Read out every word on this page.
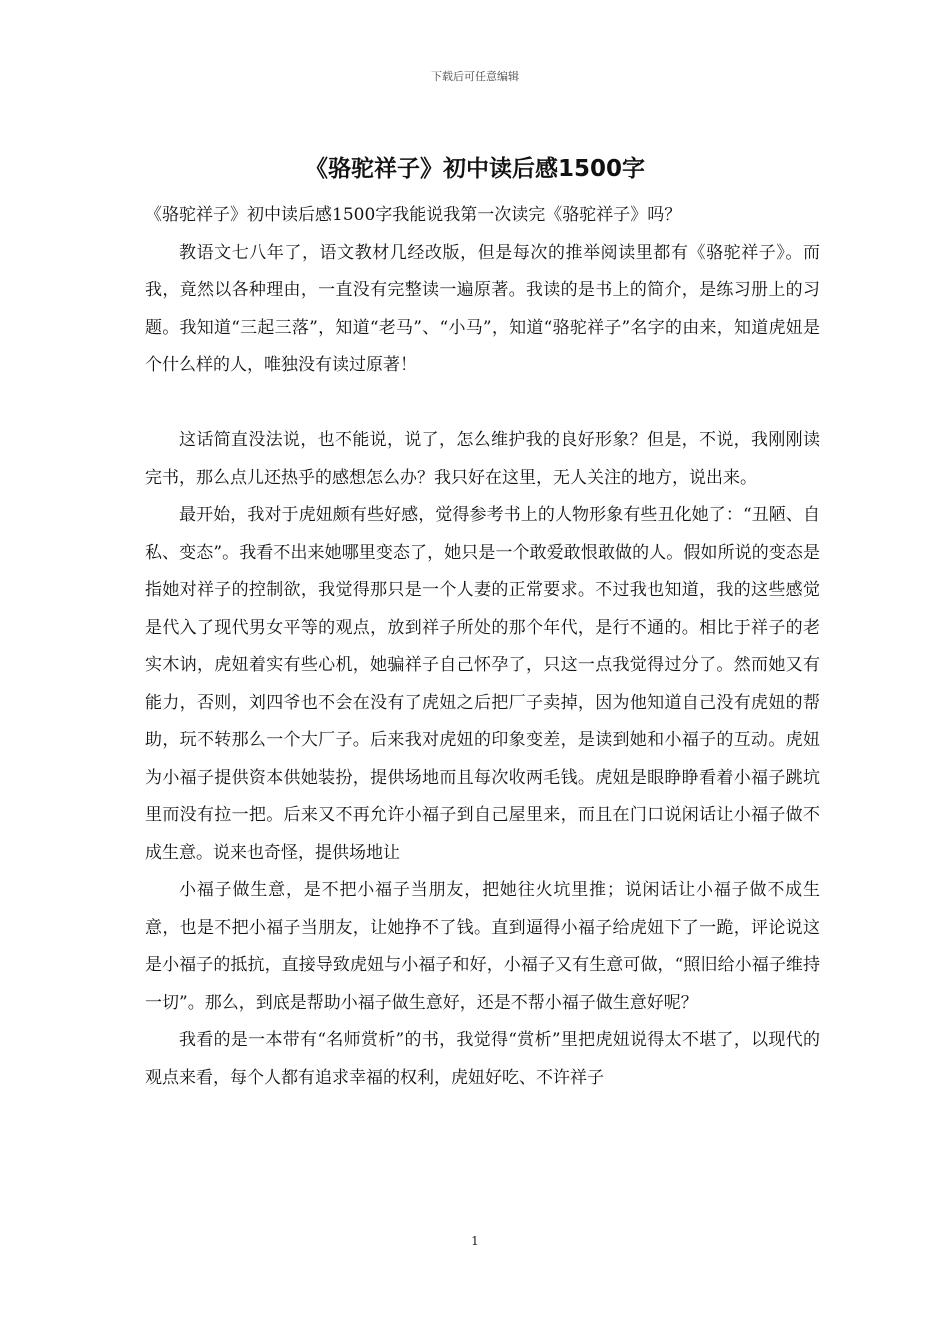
下载后可任意编辑
《骆驼祥子》初中读后感1500字

《骆驼祥子》初中读后感1500字我能说我第一次读完《骆驼祥子》吗？

教语文七八年了，语文教材几经改版，但是每次的推举阅读里都有《骆驼祥子》。而我，竟然以各种理由，一直没有完整读一遍原著。我读的是书上的简介，是练习册上的习题。我知道“三起三落”，知道“老马”、“小马”，知道“骆驼祥子”名字的由来，知道虎妞是个什么样的人，唯独没有读过原著！

这话简直没法说，也不能说，说了，怎么维护我的良好形象？但是，不说，我刚刚读完书，那么点儿还热乎的感想怎么办？我只好在这里，无人关注的地方，说出来。

最开始，我对于虎妞颇有些好感，觉得参考书上的人物形象有些丑化她了：“丑陋、自私、变态”。我看不出来她哪里变态了，她只是一个敢爱敢恨敢做的人。假如所说的变态是指她对祥子的控制欲，我觉得那只是一个人妻的正常要求。不过我也知道，我的这些感觉是代入了现代男女平等的观点，放到祥子所处的那个年代，是行不通的。相比于祥子的老实木讷，虎妞着实有些心机，她骗祥子自己怀孕了，只这一点我觉得过分了。然而她又有能力，否则，刘四爷也不会在没有了虎妞之后把厂子卖掉，因为他知道自己没有虎妞的帮助，玩不转那么一个大厂子。后来我对虎妞的印象变差，是读到她和小福子的互动。虎妞为小福子提供资本供她装扮，提供场地而且每次收两毛钱。虎妞是眼睁睁看着小福子跳坑里而没有拉一把。后来又不再允许小福子到自己屋里来，而且在门口说闲话让小福子做不成生意。说来也奇怪，提供场地让

小福子做生意，是不把小福子当朋友，把她往火坑里推；说闲话让小福子做不成生意，也是不把小福子当朋友，让她挣不了钱。直到逼得小福子给虎妞下了一跪，评论说这是小福子的抵抗，直接导致虎妞与小福子和好，小福子又有生意可做，“照旧给小福子维持一切”。那么，到底是帮助小福子做生意好，还是不帮小福子做生意好呢？

我看的是一本带有“名师赏析”的书，我觉得“赏析”里把虎妞说得太不堪了，以现代的观点来看，每个人都有追求幸福的权利，虎妞好吃、不许祥子

1
